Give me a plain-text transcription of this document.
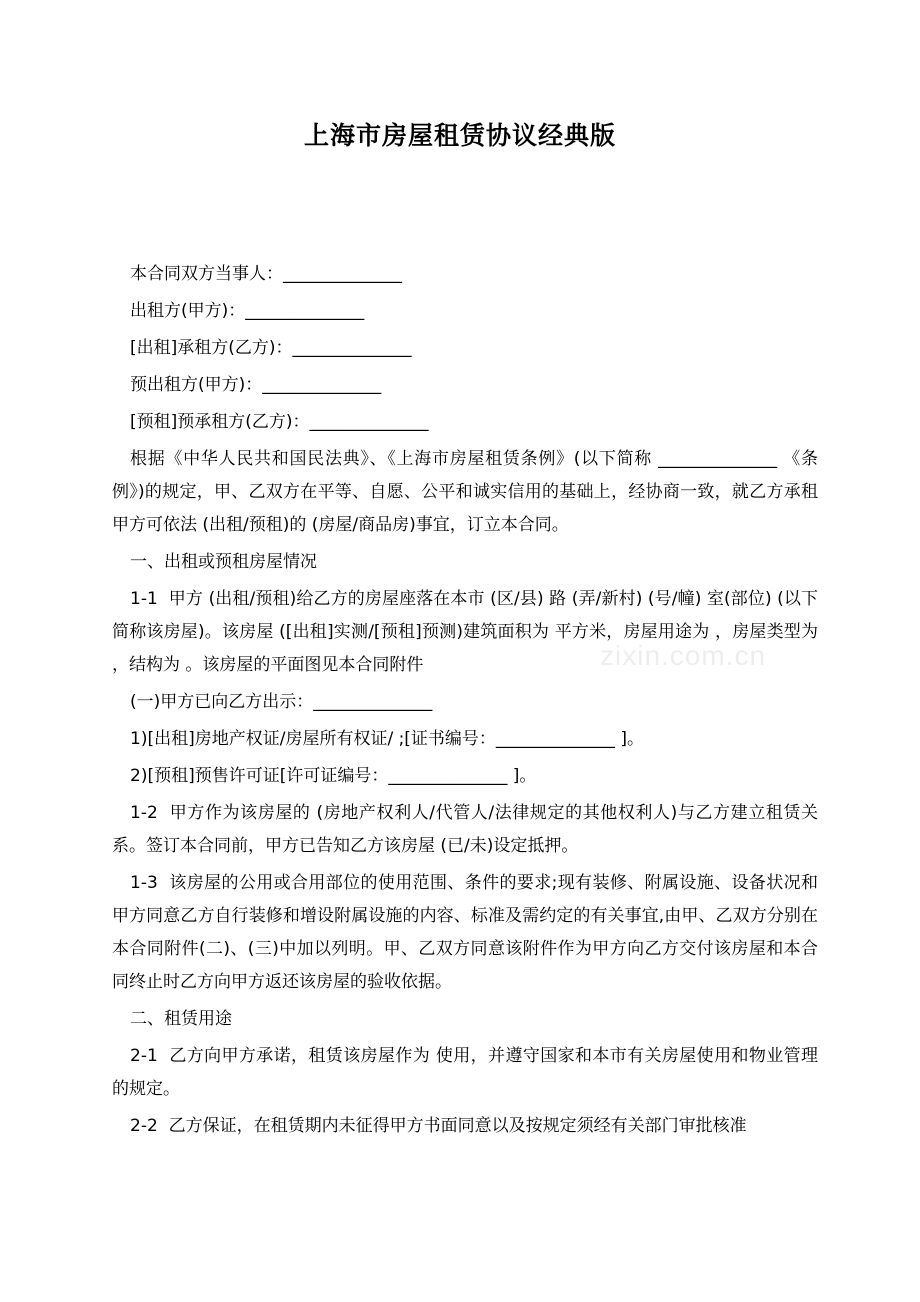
上海市房屋租赁协议经典版

本合同双方当事人：______________

出租方(甲方)：______________

[出租]承租方(乙方)：______________

预出租方(甲方)：______________

[预租]预承租方(乙方)：______________

根据《中华人民共和国民法典》、《上海市房屋租赁条例》(以下简称 ______________ 《条例》)的规定，甲、乙双方在平等、自愿、公平和诚实信用的基础上，经协商一致，就乙方承租甲方可依法 (出租/预租)的 (房屋/商品房)事宜，订立本合同。

一、出租或预租房屋情况

1-1  甲方 (出租/预租)给乙方的房屋座落在本市 (区/县) 路 (弄/新村) (号/幢) 室(部位) (以下简称该房屋)。该房屋 ([出租]实测/[预租]预测)建筑面积为 平方米，房屋用途为 ，房屋类型为 ，结构为 。该房屋的平面图见本合同附件

(一)甲方已向乙方出示：______________

1)[出租]房地产权证/房屋所有权证/ ;[证书编号：______________ ]。

2)[预租]预售许可证[许可证编号：______________ ]。

1-2  甲方作为该房屋的 (房地产权利人/代管人/法律规定的其他权利人)与乙方建立租赁关系。签订本合同前，甲方已告知乙方该房屋 (已/未)设定抵押。

1-3  该房屋的公用或合用部位的使用范围、条件的要求;现有装修、附属设施、设备状况和甲方同意乙方自行装修和增设附属设施的内容、标准及需约定的有关事宜,由甲、乙双方分别在本合同附件(二)、(三)中加以列明。甲、乙双方同意该附件作为甲方向乙方交付该房屋和本合同终止时乙方向甲方返还该房屋的验收依据。

二、租赁用途

2-1  乙方向甲方承诺，租赁该房屋作为 使用，并遵守国家和本市有关房屋使用和物业管理的规定。

2-2  乙方保证，在租赁期内未征得甲方书面同意以及按规定须经有关部门审批核准

zixin.com.cn
